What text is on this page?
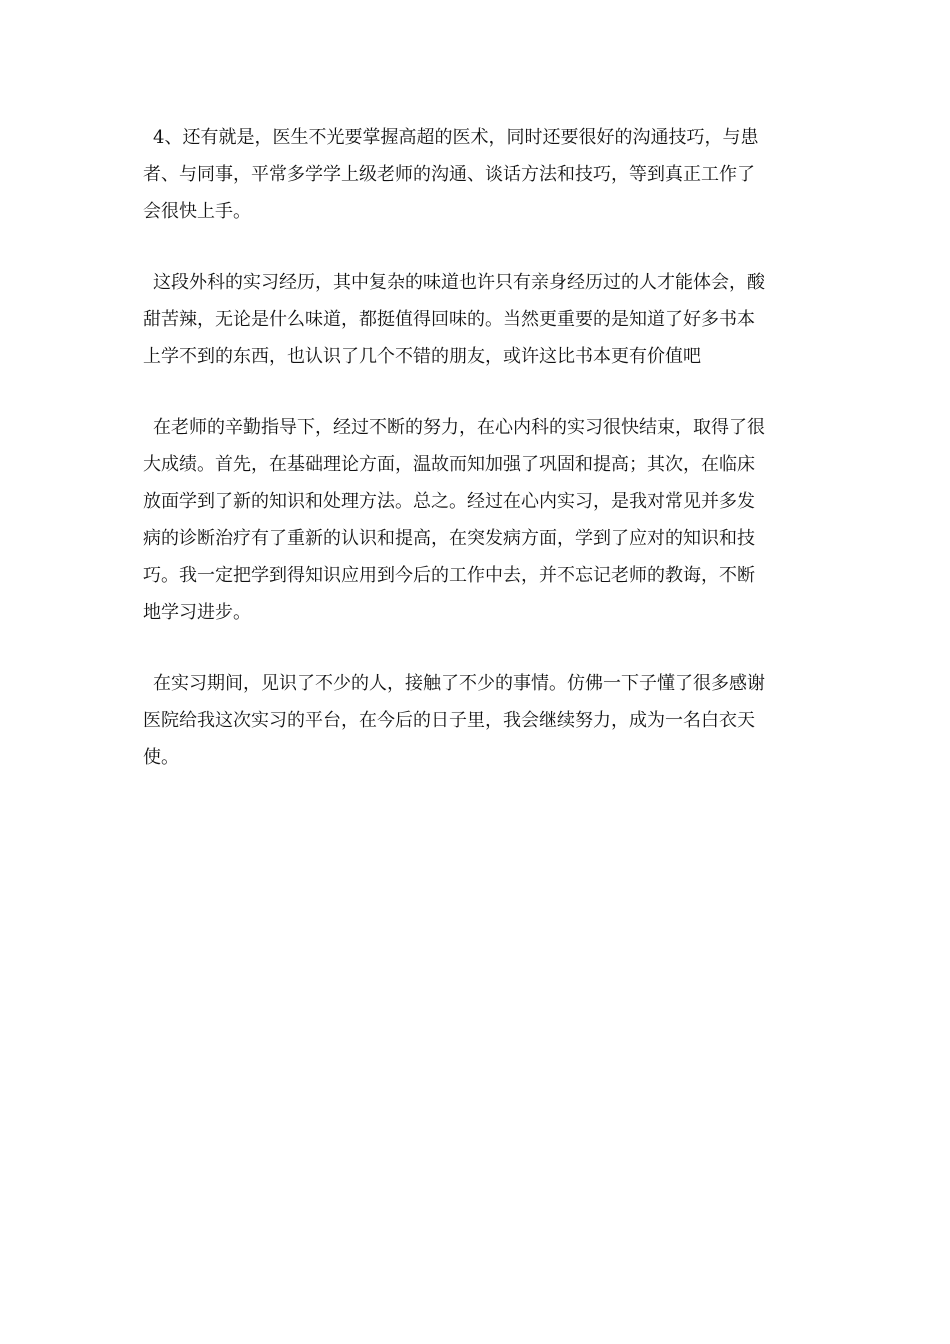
4、还有就是，医生不光要掌握高超的医术，同时还要很好的沟通技巧，与患
者、与同事，平常多学学上级老师的沟通、谈话方法和技巧，等到真正工作了
会很快上手。
这段外科的实习经历，其中复杂的味道也许只有亲身经历过的人才能体会，酸
甜苦辣，无论是什么味道，都挺值得回味的。当然更重要的是知道了好多书本
上学不到的东西，也认识了几个不错的朋友，或许这比书本更有价值吧
在老师的辛勤指导下，经过不断的努力，在心内科的实习很快结束，取得了很
大成绩。首先，在基础理论方面，温故而知加强了巩固和提高；其次，在临床
放面学到了新的知识和处理方法。总之。经过在心内实习，是我对常见并多发
病的诊断治疗有了重新的认识和提高，在突发病方面，学到了应对的知识和技
巧。我一定把学到得知识应用到今后的工作中去，并不忘记老师的教诲，不断
地学习进步。
在实习期间，见识了不少的人，接触了不少的事情。仿佛一下子懂了很多感谢
医院给我这次实习的平台，在今后的日子里，我会继续努力，成为一名白衣天
使。
